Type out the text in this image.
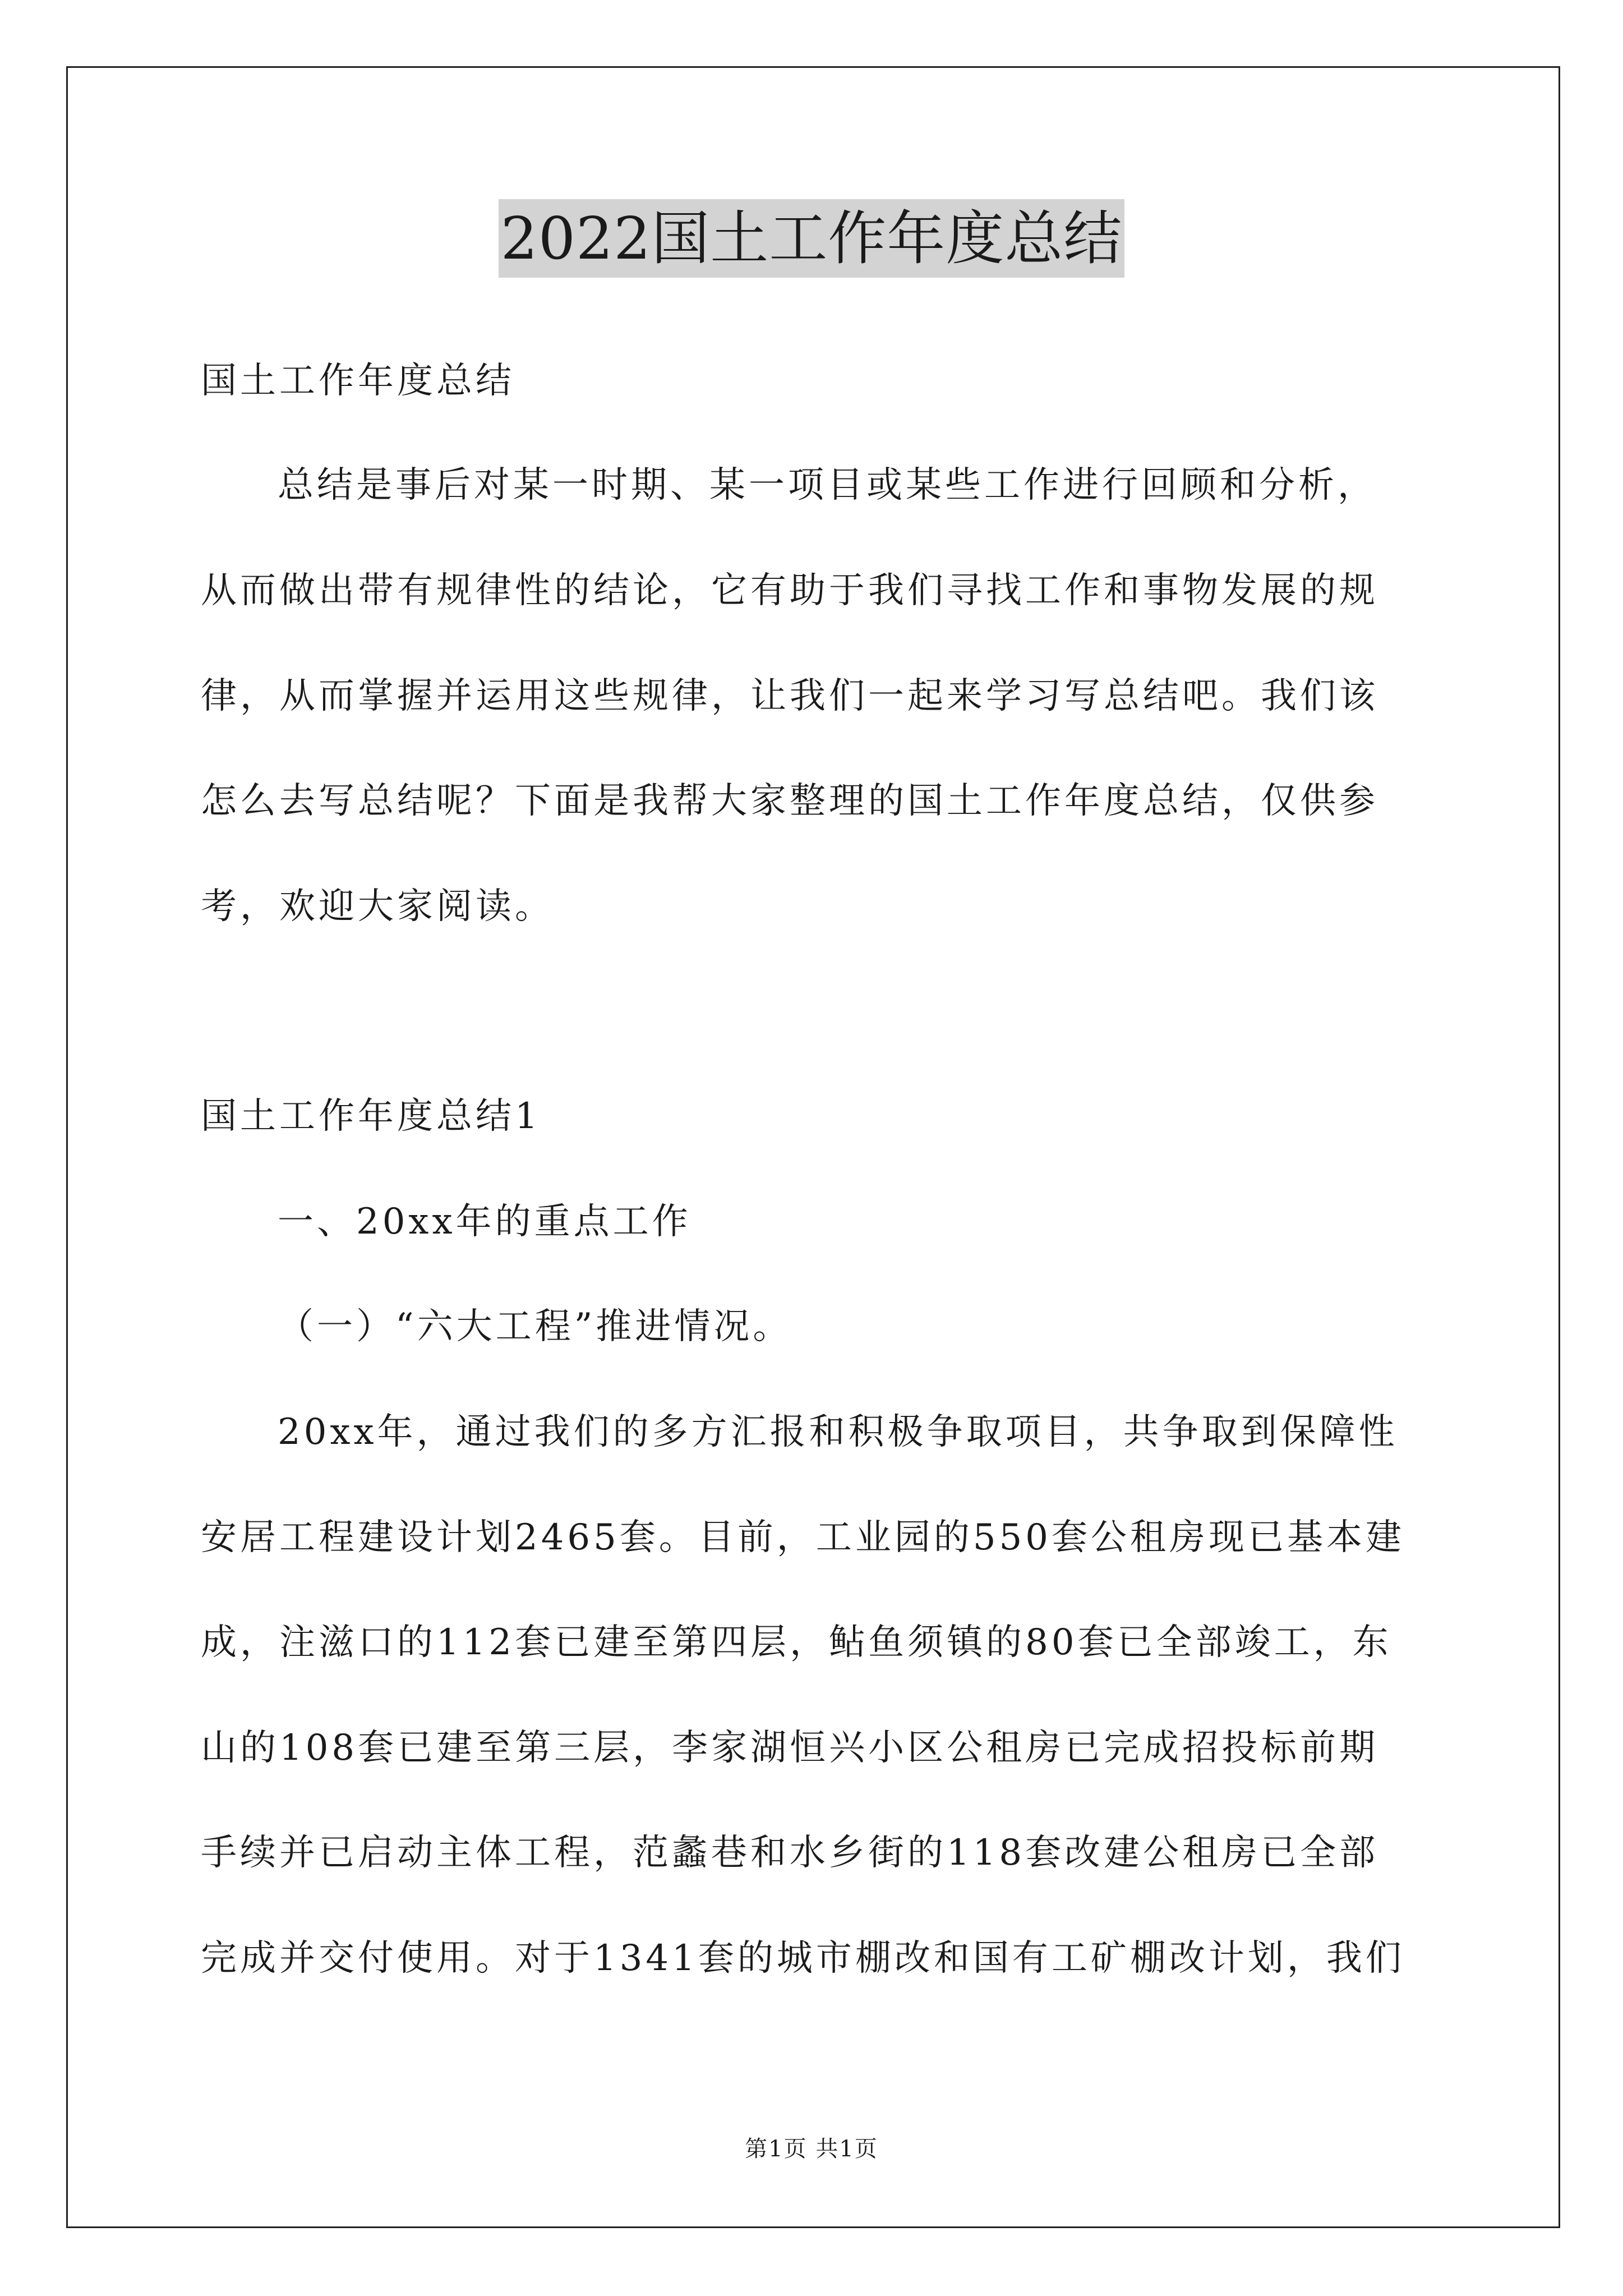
2022国土工作年度总结
国土工作年度总结
总结是事后对某一时期、某一项目或某些工作进行回顾和分析，
从而做出带有规律性的结论，它有助于我们寻找工作和事物发展的规
律，从而掌握并运用这些规律，让我们一起来学习写总结吧。我们该
怎么去写总结呢？下面是我帮大家整理的国土工作年度总结，仅供参
考，欢迎大家阅读。
国土工作年度总结1
一、20xx年的重点工作
（一）“六大工程”推进情况。
20xx年，通过我们的多方汇报和积极争取项目，共争取到保障性
安居工程建设计划2465套。目前，工业园的550套公租房现已基本建
成，注滋口的112套已建至第四层，鲇鱼须镇的80套已全部竣工，东
山的108套已建至第三层，李家湖恒兴小区公租房已完成招投标前期
手续并已启动主体工程，范蠡巷和水乡街的118套改建公租房已全部
完成并交付使用。对于1341套的城市棚改和国有工矿棚改计划，我们
第1页 共1页
